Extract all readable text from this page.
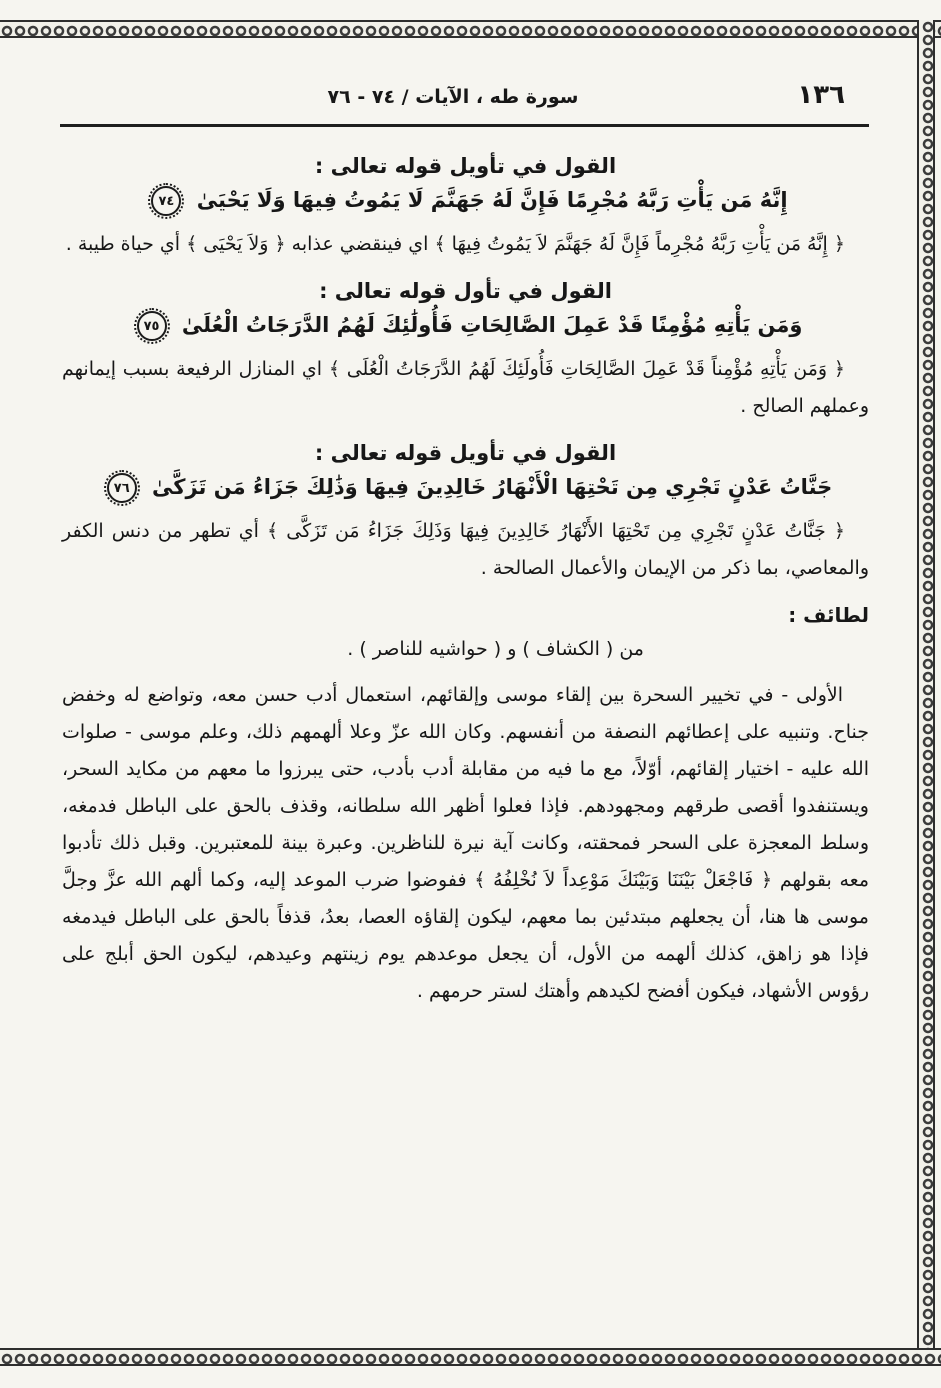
سورة طه ، الآيات / ٧٤ - ٧٦	١٣٦
القول في تأويل قوله تعالى :
إِنَّهُ مَن يَأْتِ رَبَّهُ مُجْرِمًا فَإِنَّ لَهُ جَهَنَّمَ لَا يَمُوتُ فِيهَا وَلَا يَحْيَىٰ
٧٤

﴿ إِنَّهُ مَن يَأْتِ رَبَّهُ مُجْرِماً فَإِنَّ لَهُ جَهَنَّمَ لاَ يَمُوتُ فِيهَا ﴾ اي فينقضي عذابه ﴿ وَلاَ يَحْيَى ﴾ أي حياة طيبة .

القول في تأول قوله تعالى :
وَمَن يَأْتِهِ مُؤْمِنًا قَدْ عَمِلَ الصَّالِحَاتِ فَأُولَٰئِكَ لَهُمُ الدَّرَجَاتُ الْعُلَىٰ
٧٥

﴿ وَمَن يَأْتِهِ مُؤْمِناً قَدْ عَمِلَ الصَّالِحَاتِ فَأُولَئِكَ لَهُمُ الدَّرَجَاتُ الْعُلَى ﴾ اي المنازل الرفيعة بسبب إيمانهم وعملهم الصالح .

القول في تأويل قوله تعالى :
جَنَّاتُ عَدْنٍ تَجْرِي مِن تَحْتِهَا الْأَنْهَارُ خَالِدِينَ فِيهَا وَذَٰلِكَ جَزَاءُ مَن تَزَكَّىٰ
٧٦

﴿ جَنَّاتُ عَدْنٍ تَجْرِي مِن تَحْتِهَا الأَنْهَارُ خَالِدِينَ فِيهَا وَذَلِكَ جَزَاءُ مَن تَزَكَّى ﴾ أي تطهر من دنس الكفر والمعاصي، بما ذكر من الإيمان والأعمال الصالحة .

لطائف :

من ( الكشاف ) و ( حواشيه للناصر ) .

الأولى - في تخيير السحرة بين إلقاء موسى وإلقائهم، استعمال أدب حسن معه، وتواضع له وخفض جناح. وتنبيه على إعطائهم النصفة من أنفسهم. وكان الله عزّ وعلا ألهمهم ذلك، وعلم موسى - صلوات الله عليه - اختيار إلقائهم، أوّلاً، مع ما فيه من مقابلة أدب بأدب، حتى يبرزوا ما معهم من مكايد السحر، ويستنفدوا أقصى طرقهم ومجهودهم. فإذا فعلوا أظهر الله سلطانه، وقذف بالحق على الباطل فدمغه، وسلط المعجزة على السحر فمحقته، وكانت آية نيرة للناظرين. وعبرة بينة للمعتبرين. وقبل ذلك تأدبوا معه بقولهم ﴿ فَاجْعَلْ بَيْنَنَا وَبَيْنَكَ مَوْعِداً لاَ نُخْلِفُهُ ﴾ ففوضوا ضرب الموعد إليه، وكما ألهم الله عزَّ وجلَّ موسى ها هنا، أن يجعلهم مبتدئين بما معهم، ليكون إلقاؤه العصا، بعدُ، قذفاً بالحق على الباطل فيدمغه فإذا هو زاهق، كذلك ألهمه من الأول، أن يجعل موعدهم يوم زينتهم وعيدهم، ليكون الحق أبلج على رؤوس الأشهاد، فيكون أفضح لكيدهم وأهتك لستر حرمهم .
